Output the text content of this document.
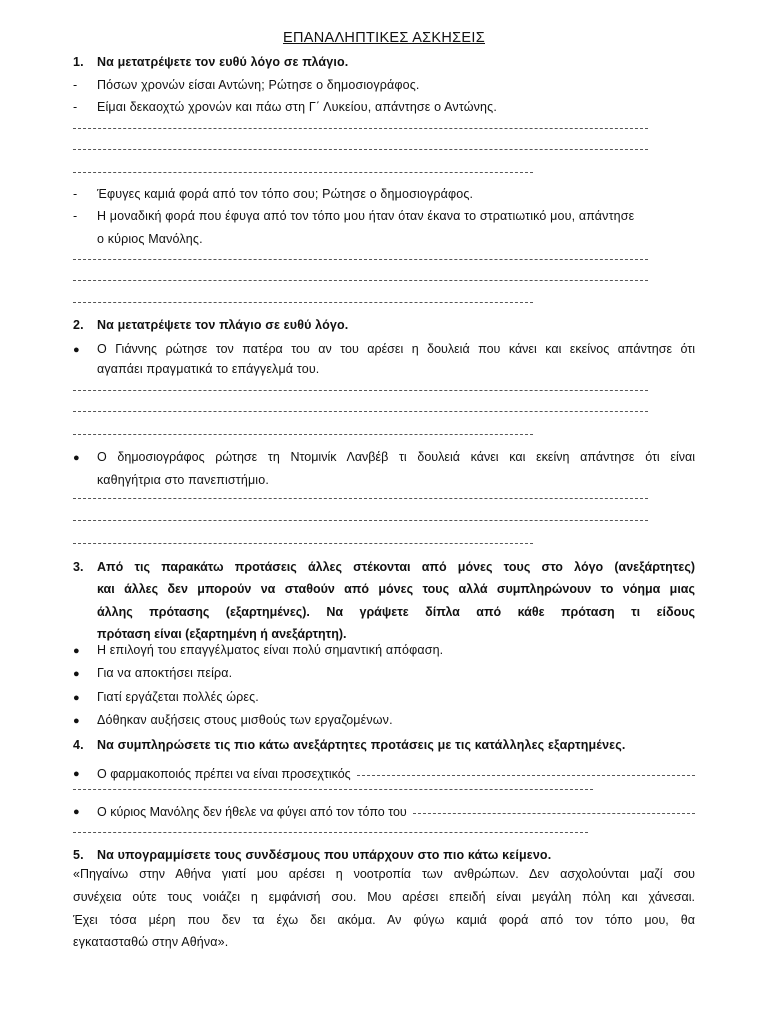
ΕΠΑΝΑΛΗΠΤΙΚΕΣ ΑΣΚΗΣΕΙΣ
1. Να μετατρέψετε τον ευθύ λόγο σε πλάγιο.
- Πόσων χρονών είσαι Αντώνη; Ρώτησε ο δημοσιογράφος.
- Είμαι δεκαοχτώ χρονών και πάω στη Γ΄ Λυκείου, απάντησε ο Αντώνης.
- Έφυγες καμιά φορά από τον τόπο σου; Ρώτησε ο δημοσιογράφος.
- Η μοναδική φορά που έφυγα από τον τόπο μου ήταν όταν έκανα το στρατιωτικό μου, απάντησε
ο κύριος Μανόλης.
2. Να μετατρέψετε τον πλάγιο σε ευθύ λόγο.
●	Ο Γιάννης ρώτησε τον πατέρα του αν του αρέσει η δουλειά που κάνει και εκείνος απάντησε ότι
αγαπάει πραγματικά το επάγγελμά του.
●	Ο δημοσιογράφος ρώτησε τη Ντομινίκ Λανβέβ τι δουλειά κάνει και εκείνη απάντησε ότι είναι
καθηγήτρια στο πανεπιστήμιο.
3. Από τις παρακάτω προτάσεις άλλες στέκονται από μόνες τους στο λόγο (ανεξάρτητες)
και άλλες δεν μπορούν να σταθούν από μόνες τους αλλά συμπληρώνουν το νόημα μιας
άλλης πρότασης (εξαρτημένες). Να γράψετε δίπλα από κάθε πρόταση τι είδους
πρόταση είναι (εξαρτημένη ή ανεξάρτητη).
● Η επιλογή του επαγγέλματος είναι πολύ σημαντική απόφαση.
● Για να αποκτήσει πείρα.
● Γιατί εργάζεται πολλές ώρες.
● Δόθηκαν αυξήσεις στους μισθούς των εργαζομένων.
4. Να συμπληρώσετε τις πιο κάτω ανεξάρτητες προτάσεις με τις κατάλληλες εξαρτημένες.
●	Ο φαρμακοποιός πρέπει να είναι προσεχτικός
●	Ο κύριος Μανόλης δεν ήθελε να φύγει από τον τόπο του
5. Να υπογραμμίσετε τους συνδέσμους που υπάρχουν στο πιο κάτω κείμενο.
«Πηγαίνω στην Αθήνα γιατί μου αρέσει η νοοτροπία των ανθρώπων. Δεν ασχολούνται μαζί σου
συνέχεια ούτε τους νοιάζει η εμφάνισή σου. Μου αρέσει επειδή είναι μεγάλη πόλη και χάνεσαι.
Έχει τόσα μέρη που δεν τα έχω δει ακόμα. Αν φύγω καμιά φορά από τον τόπο μου, θα
εγκατασταθώ στην Αθήνα».
